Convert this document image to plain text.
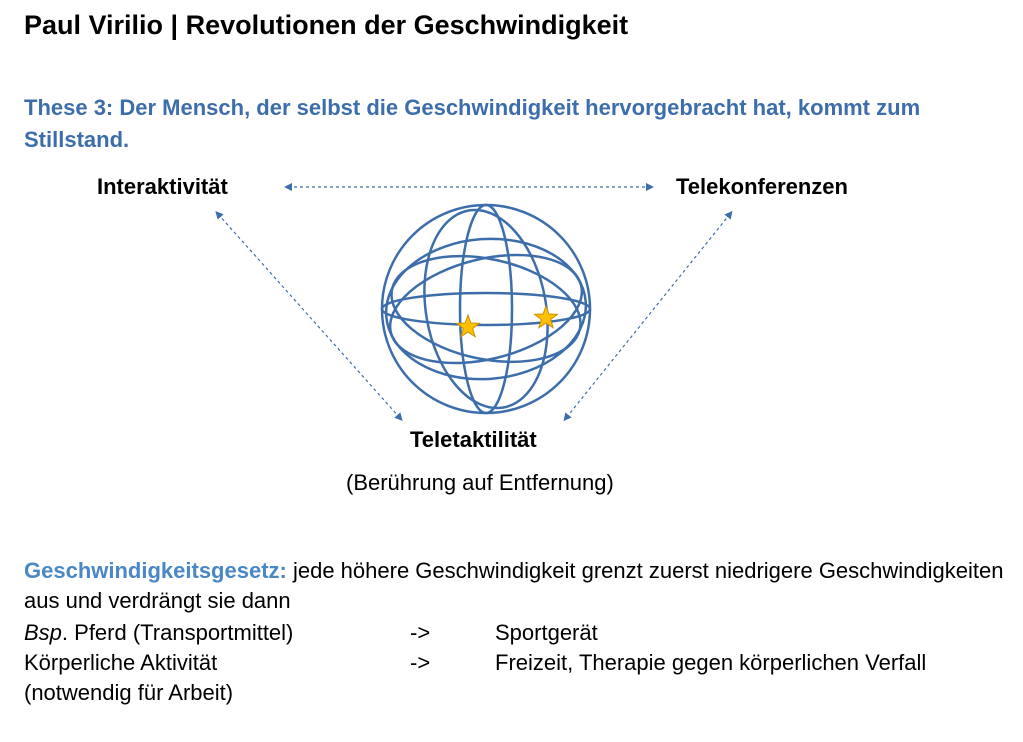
Paul Virilio | Revolutionen der Geschwindigkeit
These 3: Der Mensch, der selbst die Geschwindigkeit hervorgebracht hat, kommt zum Stillstand.
Interaktivität	Telekonferenzen
Teletaktilität
(Berührung auf Entfernung)
Geschwindigkeitsgesetz: jede höhere Geschwindigkeit grenzt zuerst niedrigere Geschwindigkeiten aus und verdrängt sie dann
Bsp. Pferd (Transportmittel)	->	Sportgerät
Körperliche Aktivität	->	Freizeit, Therapie gegen körperlichen Verfall
(notwendig für Arbeit)
